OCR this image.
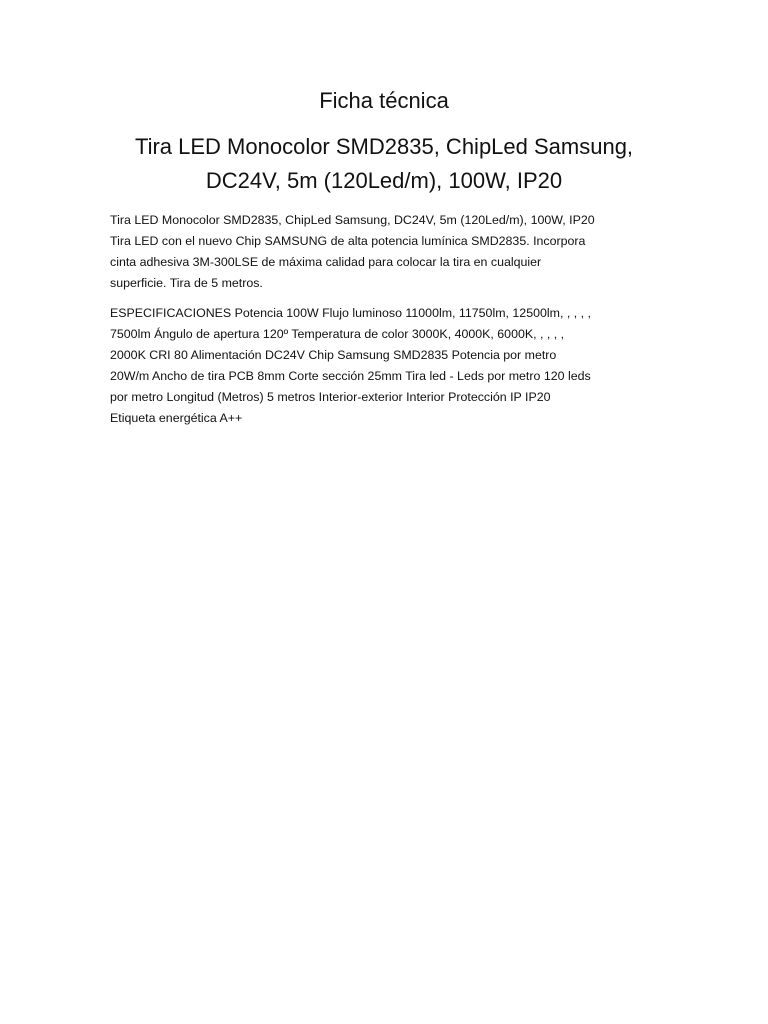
Ficha técnica
Tira LED Monocolor SMD2835, ChipLed Samsung,
DC24V, 5m (120Led/m), 100W, IP20

Tira LED Monocolor SMD2835, ChipLed Samsung, DC24V, 5m (120Led/m), 100W, IP20
Tira LED con el nuevo Chip SAMSUNG de alta potencia lumínica SMD2835. Incorpora
cinta adhesiva 3M-300LSE de máxima calidad para colocar la tira en cualquier
superficie. Tira de 5 metros.

ESPECIFICACIONES Potencia 100W Flujo luminoso 11000lm, 11750lm, 12500lm, , , , ,
7500lm Ángulo de apertura 120º Temperatura de color 3000K, 4000K, 6000K, , , , ,
2000K CRI 80 Alimentación DC24V Chip Samsung SMD2835 Potencia por metro
20W/m Ancho de tira PCB 8mm Corte sección 25mm Tira led - Leds por metro 120 leds
por metro Longitud (Metros) 5 metros Interior-exterior Interior Protección IP IP20
Etiqueta energética A++
